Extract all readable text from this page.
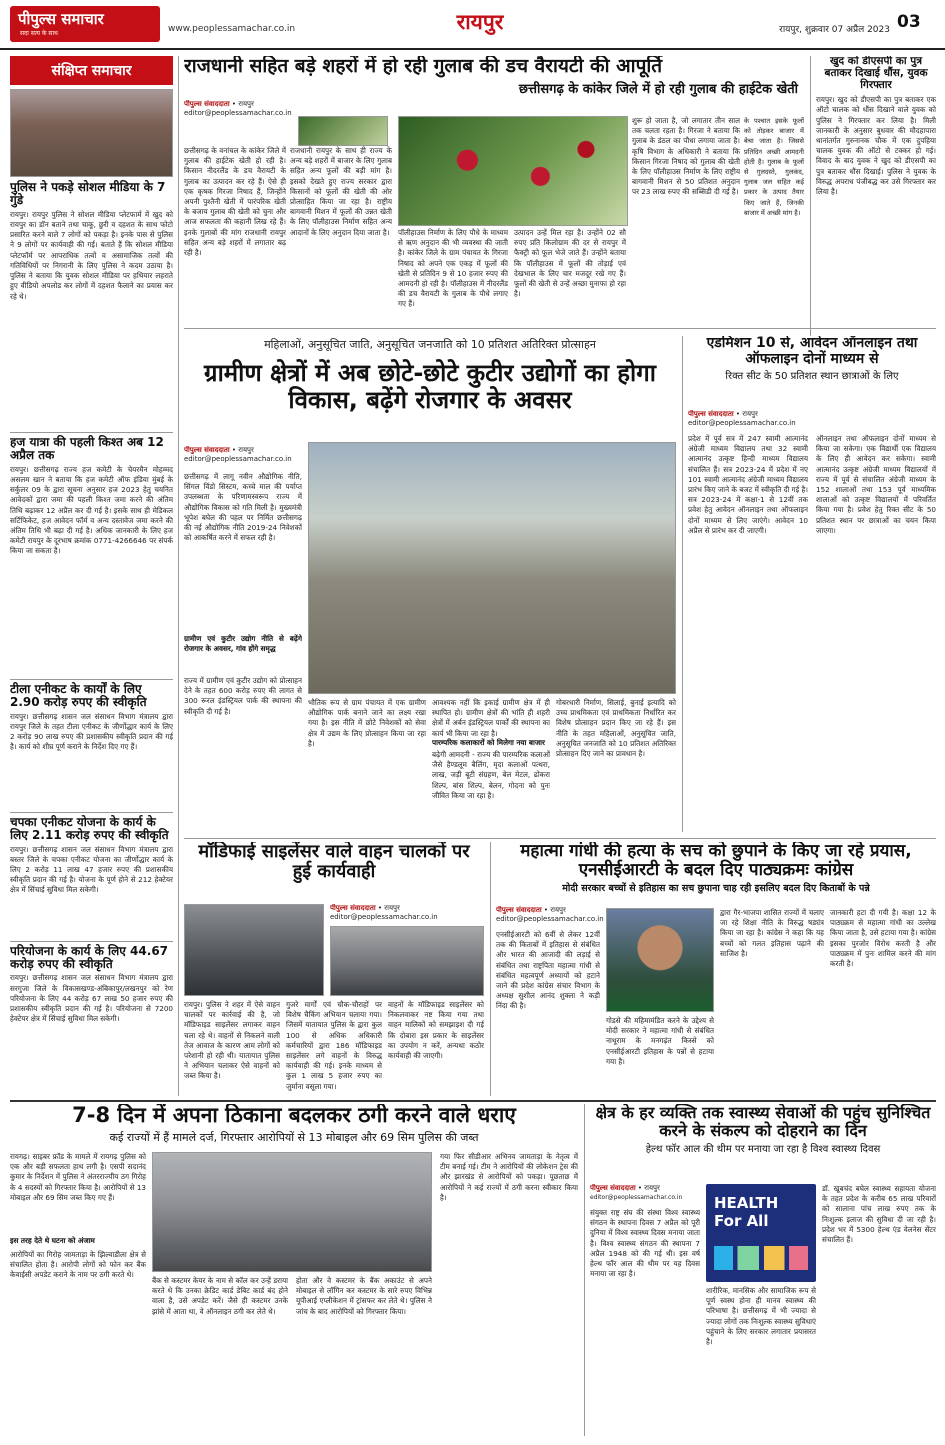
पीपुल्स समाचार
सदा सत्य के साथ	www.peoplessamachar.co.in	रायपुर	रायपुर, शुक्रवार 07 अप्रैल 2023 03
संक्षिप्त समाचार
पुलिस ने पकड़े सोशल मीडिया के 7 गुंडे
रायपुर। रायपुर पुलिस ने सोशल मीडिया प्लेटफार्म में खुद को रायपुर का डॉन बताने तथा चाकू, छुरी व दहशत के साथ फोटो प्रसारित करने वाले 7 लोगों को पकड़ा है। इनके पास से पुलिस ने 9 लोगों पर कार्यवाही की गई। बताते हैं कि सोशल मीडिया प्लेटफॉर्म पर आपराधिक तत्वों व असामाजिक तत्वों की गतिविधियों पर निगरानी के लिए पुलिस ने कदम उठाया है। पुलिस ने बताया कि युवक सोशल मीडिया पर हथियार लहराते हुए वीडियो अपलोड कर लोगों में दहशत फैलाने का प्रयास कर रहे थे।
हज यात्रा की पहली किश्त अब 12 अप्रैल तक
रायपुर। छत्तीसगढ़ राज्य हज कमेटी के चेयरमैन मोहम्मद असलम खान ने बताया कि हज कमेटी ऑफ इंडिया मुंबई के सर्कुलर 09 के द्वारा सूचना अनुसार हज 2023 हेतु चयनित आवेदकों द्वारा जमा की पहली किश्त जमा करने की अंतिम तिथि बढ़ाकर 12 अप्रैल कर दी गई है। इसके साथ ही मेडिकल सर्टिफिकेट, हज आवेदन फॉर्म व अन्य दस्तावेज जमा करने की अंतिम तिथि भी बढ़ा दी गई है। अधिक जानकारी के लिए हज कमेटी रायपुर के दूरभाष क्रमांक 0771-4266646 पर संपर्क किया जा सकता है।
टीला एनीकट के कार्यों के लिए 2.90 करोड़ रुपए की स्वीकृति
रायपुर। छत्तीसगढ़ शासन जल संसाधन विभाग मंत्रालय द्वारा रायपुर जिले के तहत टीला एनीकट के जीर्णोद्धार कार्य के लिए 2 करोड़ 90 लाख रुपए की प्रशासकीय स्वीकृति प्रदान की गई है। कार्य को शीघ्र पूर्ण कराने के निर्देश दिए गए हैं।
चपका एनीकट योजना के कार्य के लिए 2.11 करोड़ रुपए की स्वीकृति
रायपुर। छत्तीसगढ़ शासन जल संसाधन विभाग मंत्रालय द्वारा बस्तर जिले के चपका एनीकट योजना का जीर्णोद्धार कार्य के लिए 2 करोड़ 11 लाख 47 हजार रुपए की प्रशासकीय स्वीकृति प्रदान की गई है। योजना के पूर्ण होने से 212 हेक्टेयर क्षेत्र में सिंचाई सुविधा मिल सकेगी।
परियोजना के कार्य के लिए 44.67 करोड़ रुपए की स्वीकृति
रायपुर। छत्तीसगढ़ शासन जल संसाधन विभाग मंत्रालय द्वारा सरगुजा जिले के विकासखण्ड-अंबिकापुर/लखनपुर को रेण परियोजना के लिए 44 करोड़ 67 लाख 50 हजार रुपए की प्रशासकीय स्वीकृति प्रदान की गई है। परियोजना से 7200 हेक्टेयर क्षेत्र में सिंचाई सुविधा मिल सकेगी।
राजधानी सहित बड़े शहरों में हो रही गुलाब की डच वैरायटी की आपूर्ति
छत्तीसगढ़ के कांकेर जिले में हो रही गुलाब की हाईटेक खेती
पीपुल्स संवाददाता • रायपुर
editor@peoplessamachar.co.in
छत्तीसगढ़ के वनांचल के कांकेर जिले में गुलाब की हाईटेक खेती हो रही है। किसान नीदरलैंड के डच वैरायटी के गुलाब का उत्पादन कर रहे हैं। ऐसे ही एक कृषक गिरजा निषाद हैं, जिन्होंने अपनी पुश्तैनी खेती में पारंपरिक खेती के बजाय गुलाब की खेती को चुना और आज सफलता की कहानी लिख रहे हैं। इनके गुलाबों की मांग राजधानी रायपुर सहित अन्य बड़े शहरों में लगातार बढ़ रही है।
राजधानी रायपुर के साथ ही राज्य के अन्य बड़े शहरों में बाजार के लिए गुलाब सहित अन्य फूलों की बड़ी मांग है। इसको देखते हुए राज्य सरकार द्वारा किसानों को फूलों की खेती की ओर प्रोत्साहित किया जा रहा है। राष्ट्रीय बागवानी मिशन में फूलों की उन्नत खेती के लिए पॉलीहाउस निर्माण सहित अन्य आदानों के लिए अनुदान दिया जाता है।	पॉलीहाउस निर्माण के लिए पौधे के माध्यम से ऋण अनुदान की भी व्यवस्था की जाती है। कांकेर जिले के ग्राम पंचायत के गिरजा निषाद को अपने एक एकड़ में फूलों की खेती से प्रतिदिन 9 से 10 हजार रुपए की आमदनी हो रही है। पॉलीहाउस में नीदरलैंड की डच वैरायटी के गुलाब के पौधे लगाए गए हैं।
उत्पादन उन्हें मिल रहा है। उन्होंने 02 सौ रुपए प्रति किलोग्राम की दर से रायपुर में फैक्ट्री को फूल भेजे जाते हैं। उन्होंने बताया कि पॉलीहाउस में फूलों की तोड़ाई एवं देखभाल के लिए चार मजदूर रखे गए हैं। फूलों की खेती से उन्हें अच्छा मुनाफा हो रहा है।
शुरू हो जाता है, जो लगातार तीन साल तक चलता रहता है। गिरजा ने बताया कि गुलाब के डंठल का पौधा लगाया जाता है। कृषि विभाग के अधिकारी ने बताया कि किसान गिरजा निषाद को गुलाब की खेती के लिए पॉलीहाउस निर्माण के लिए राष्ट्रीय बागवानी मिशन से 50 प्रतिशत अनुदान पर 23 लाख रुपए की सब्सिडी दी गई है।
के पश्चात इसके फूलों को तोड़कर बाजार में बेचा जाता है। जिससे प्रतिदिन अच्छी आमदनी होती है। गुलाब के फूलों से गुलदस्ते, गुलकंद, गुलाब जल सहित कई प्रकार के उत्पाद तैयार किए जाते हैं, जिनकी बाजार में अच्छी मांग है।
खुद को डीएसपी का पुत्र बताकर दिखाई धौंस, युवक गिरफ्तार
रायपुर। खुद को डीएसपी का पुत्र बताकर एक ऑटो चालक को धौंस दिखाने वाले युवक को पुलिस ने गिरफ्तार कर लिया है। मिली जानकारी के अनुसार बुधवार की मौदहापारा थानांतर्गत गुरुनानक चौक में एक दुपहिया चालक युवक की ऑटो से टक्कर हो गई। विवाद के बाद युवक ने खुद को डीएसपी का पुत्र बताकर धौंस दिखाई। पुलिस ने युवक के विरुद्ध अपराध पंजीबद्ध कर उसे गिरफ्तार कर लिया है।
महिलाओं, अनुसूचित जाति, अनुसूचित जनजाति को 10 प्रतिशत अतिरिक्त प्रोत्साहन
ग्रामीण क्षेत्रों में अब छोटे-छोटे कुटीर उद्योगों का होगा विकास, बढ़ेंगे रोजगार के अवसर
पीपुल्स संवाददाता • रायपुर
editor@peoplessamachar.co.in
छत्तीसगढ़ में लागू नवीन औद्योगिक नीति, सिंगल विंडो सिस्टम, कच्चे माल की पर्याप्त उपलब्धता के परिणामस्वरूप राज्य में औद्योगिक विकास को गति मिली है। मुख्यमंत्री भूपेश बघेल की पहल पर निर्मित छत्तीसगढ़ की नई औद्योगिक नीति 2019-24 निवेशकों को आकर्षित करने में सफल रही है।
ग्रामीण एवं कुटीर उद्योग नीति से बढ़ेंगे रोजगार के अवसर, गांव होंगे समृद्ध
राज्य में ग्रामीण एवं कुटीर उद्योग को प्रोत्साहन देने के तहत 600 करोड़ रुपए की लागत से 300 रूरल इंडस्ट्रियल पार्क की स्थापना की स्वीकृति दी गई है।
भौतिक रूप से ग्राम पंचायत में एक ग्रामीण औद्योगिक पार्क बनाने जाने का लक्ष्य रखा गया है। इस नीति में छोटे निवेशकों को सेवा क्षेत्र में उद्यम के लिए प्रोत्साहन किया जा रहा है।
आवश्यक नहीं कि इकाई ग्रामीण क्षेत्र में ही स्थापित हो। ग्रामीण क्षेत्रों की भांति ही शहरी क्षेत्रों में अर्बन इंडस्ट्रियल पार्कों की स्थापना का कार्य भी किया जा रहा है।
पारम्परिक कलाकारों को मिलेगा नया बाजार
बढ़ेगी आमदनी - राज्य की पारम्परिक कलाओं जैसे हैण्डलूम बैलिंग, मृदा कलाओं पत्थरा, लाख, जड़ी बूटी संग्रहण, बेल मेटल, ढोकरा शिल्प, बांस शिल्प, बेलन, गोदना को पुनः जीवित किया जा रहा है।
गोबरधारी निर्माण, सिलाई, बुनाई इत्यादि को उच्च प्राथमिकता एवं प्राथमिकता निर्धारित कर विशेष प्रोत्साहन प्रदान किए जा रहे हैं। इस नीति के तहत महिलाओं, अनुसूचित जाति, अनुसूचित जनजाति को 10 प्रतिशत अतिरिक्त प्रोत्साहन दिए जाने का प्रावधान है।
एडमिशन 10 से, आवेदन ऑनलाइन तथा ऑफलाइन दोनों माध्यम से
रिक्त सीट के 50 प्रतिशत स्थान छात्राओं के लिए
पीपुल्स संवाददाता • रायपुर
editor@peoplessamachar.co.in
प्रदेश में पूर्व सत्र में 247 स्वामी आत्मानंद अंग्रेजी माध्यम विद्यालय तथा 32 स्वामी आत्मानंद उत्कृष्ट हिन्दी माध्यम विद्यालय संचालित हैं। सत्र 2023-24 में प्रदेश में नए 101 स्वामी आत्मानंद अंग्रेजी माध्यम विद्यालय प्रारंभ किए जाने के बजट में स्वीकृति दी गई है। सत्र 2023-24 में कक्षा-1 से 12वीं तक प्रवेश हेतु आवेदन ऑनलाइन तथा ऑफलाइन दोनों माध्यम से लिए जाएंगे। आवेदन 10 अप्रैल से प्रारंभ कर दी जाएगी।
ऑनलाइन तथा ऑफलाइन दोनों माध्यम से किया जा सकेगा। एक विद्यार्थी एक विद्यालय के लिए ही आवेदन कर सकेगा। स्वामी आत्मानंद उत्कृष्ट अंग्रेजी माध्यम विद्यालयों में राज्य में पूर्व से संचालित अंग्रेजी माध्यम के 152 शालाओं तथा 153 पूर्व माध्यमिक शालाओं को उत्कृष्ट विद्यालयों में परिवर्तित किया गया है। प्रवेश हेतु रिक्त सीट के 50 प्रतिशत स्थान पर छात्राओं का चयन किया जाएगा।
मॉडिफाई साइलेंसर वाले वाहन चालकों पर हुई कार्यवाही
पीपुल्स संवाददाता • रायपुर
editor@peoplessamachar.co.in
रायपुर। पुलिस ने शहर में ऐसे वाहन चालकों पर कार्रवाई की है, जो मॉडिफाइड साइलेंसर लगाकर वाहन चला रहे थे। वाहनों से निकलने वाली तेज आवाज के कारण आम लोगों को परेशानी हो रही थी। यातायात पुलिस ने अभियान चलाकर ऐसे वाहनों को जब्त किया है।
गुजरे मार्गों एवं चौक-चौराहों पर विशेष चैकिंग अभियान चलाया गया। जिसमें यातायात पुलिस के द्वारा कुल 100 से अधिक अधिकारी कर्मचारियों द्वारा 186 मॉडिफाइड साइलेंसर लगे वाहनों के विरुद्ध कार्यवाही की गई। इनके माध्यम से कुल 1 लाख 5 हजार रुपए का जुर्माना वसूला गया।
वाहनों के मॉडिफाइड साइलेंसर को निकलवाकर नष्ट किया गया तथा वाहन मालिकों को समझाइश दी गई कि दोबारा इस प्रकार के साइलेंसर का उपयोग न करें, अन्यथा कठोर कार्यवाही की जाएगी।
महात्मा गांधी की हत्या के सच को छुपाने के किए जा रहे प्रयास, एनसीईआरटी के बदल दिए पाठ्यक्रमः कांग्रेस
मोदी सरकार बच्चों से इतिहास का सच छुपाना चाह रही इसलिए बदल दिए किताबों के पन्ने
पीपुल्स संवाददाता • रायपुर
editor@peoplessamachar.co.in
एनसीईआरटी को 6वीं से लेकर 12वीं तक की किताबों में इतिहास से संबंधित और भारत की आजादी की लड़ाई से संबंधित तथा राष्ट्रपिता महात्मा गांधी से संबंधित महत्वपूर्ण अध्यायों को हटाने जाने की प्रदेश कांग्रेस संचार विभाग के अध्यक्ष सुशील आनंद शुक्ला ने कड़ी निंदा की है।
गोडसे की महिमामंडित करने के उद्देश्य से मोदी सरकार ने महात्मा गांधी से संबंधित नाथूराम के मनगढ़ंत किस्से को एनसीईआरटी इतिहास के पन्नों से हटाया गया है।
द्वारा गैर-भाजपा शासित राज्यों में चलाए जा रहे शिक्षा नीति के विरुद्ध षड्यंत्र किया जा रहा है। कांग्रेस ने कहा कि यह बच्चों को गलत इतिहास पढ़ाने की साजिश है।
जानकारी हटा दी गयी है। कक्षा 12 के पाठ्यक्रम से महात्मा गांधी का उल्लेख किया जाता है, उसे हटाया गया है। कांग्रेस इसका पुरजोर विरोध करती है और पाठ्यक्रम में पुनः शामिल करने की मांग करती है।
7-8 दिन में अपना ठिकाना बदलकर ठगी करने वाले धराए
कई राज्यों में हैं मामले दर्ज, गिरफ्तार आरोपियों से 13 मोबाइल और 69 सिम पुलिस की जब्त
रायगढ़। साइबर फ्रॉड के मामले में रायगढ़ पुलिस को एक और बड़ी सफलता हाथ लगी है। एसपी सदानंद कुमार के निर्देशन में पुलिस ने अंतरराज्यीय ठग गिरोह के 4 सदस्यों को गिरफ्तार किया है। आरोपियों से 13 मोबाइल और 69 सिम जब्त किए गए हैं।
इस तरह देते थे घटना को अंजाम
आरोपियों का गिरोह जामताड़ा के झिल्वाडीला क्षेत्र से संचालित होता है। आरोपी लोगों को फोन कर बैंक केवाईसी अपडेट कराने के नाम पर ठगी करते थे।
बैंक से कस्टमर केयर के नाम से कॉल कर उन्हें डराया करते थे कि उनका क्रेडिट कार्ड डेबिट कार्ड बंद होने वाला है, उसे अपडेट करें। जैसे ही कस्टमर उनके झांसे में आता था, वे ऑनलाइन ठगी कर लेते थे।
होता और वे कस्टमर के बैंक अकाउंट से अपने मोबाइल से लॉगिन कर कस्टमर के सारे रुपए विभिन्न यूपीआई एप्लीकेशन में ट्रांसफर कर लेते थे। पुलिस ने जांच के बाद आरोपियों को गिरफ्तार किया।
गया फिर सीडीआर अभिनव जामताड़ा के नेतृत्व में टीम बनाई गई। टीम ने आरोपियों की लोकेशन ट्रेस की और झारखंड से आरोपियों को पकड़ा। पूछताछ में आरोपियों ने कई राज्यों में ठगी करना स्वीकार किया है।
क्षेत्र के हर व्यक्ति तक स्वास्थ्य सेवाओं की पहुंच सुनिश्चित करने के संकल्प को दोहराने का दिन
हेल्थ फॉर आल की थीम पर मनाया जा रहा है विश्व स्वास्थ्य दिवस
पीपुल्स संवाददाता • रायपुर
editor@peoplessamachar.co.in
संयुक्त राष्ट्र संघ की संस्था विश्व स्वास्थ्य संगठन के स्थापना दिवस 7 अप्रैल को पूरी दुनिया में विश्व स्वास्थ्य दिवस मनाया जाता है। विश्व स्वास्थ्य संगठन की स्थापना 7 अप्रैल 1948 को की गई थी। इस वर्ष हेल्थ फॉर आल की थीम पर यह दिवस मनाया जा रहा है।
शारीरिक, मानसिक और सामाजिक रूप से पूर्ण स्वस्थ होना ही मानव स्वास्थ्य की परिभाषा है। छत्तीसगढ़ में भी ज्यादा से ज्यादा लोगों तक निःशुल्क स्वास्थ्य सुविधाएं पहुंचाने के लिए सरकार लगातार प्रयासरत है।
HEALTH
For All
डॉ. खूबचंद बघेल स्वास्थ्य सहायता योजना के तहत प्रदेश के करीब 65 लाख परिवारों को सालाना पांच लाख रुपए तक के निःशुल्क इलाज की सुविधा दी जा रही है। प्रदेश भर में 5300 हेल्थ एंड वेलनेस सेंटर संचालित हैं।
